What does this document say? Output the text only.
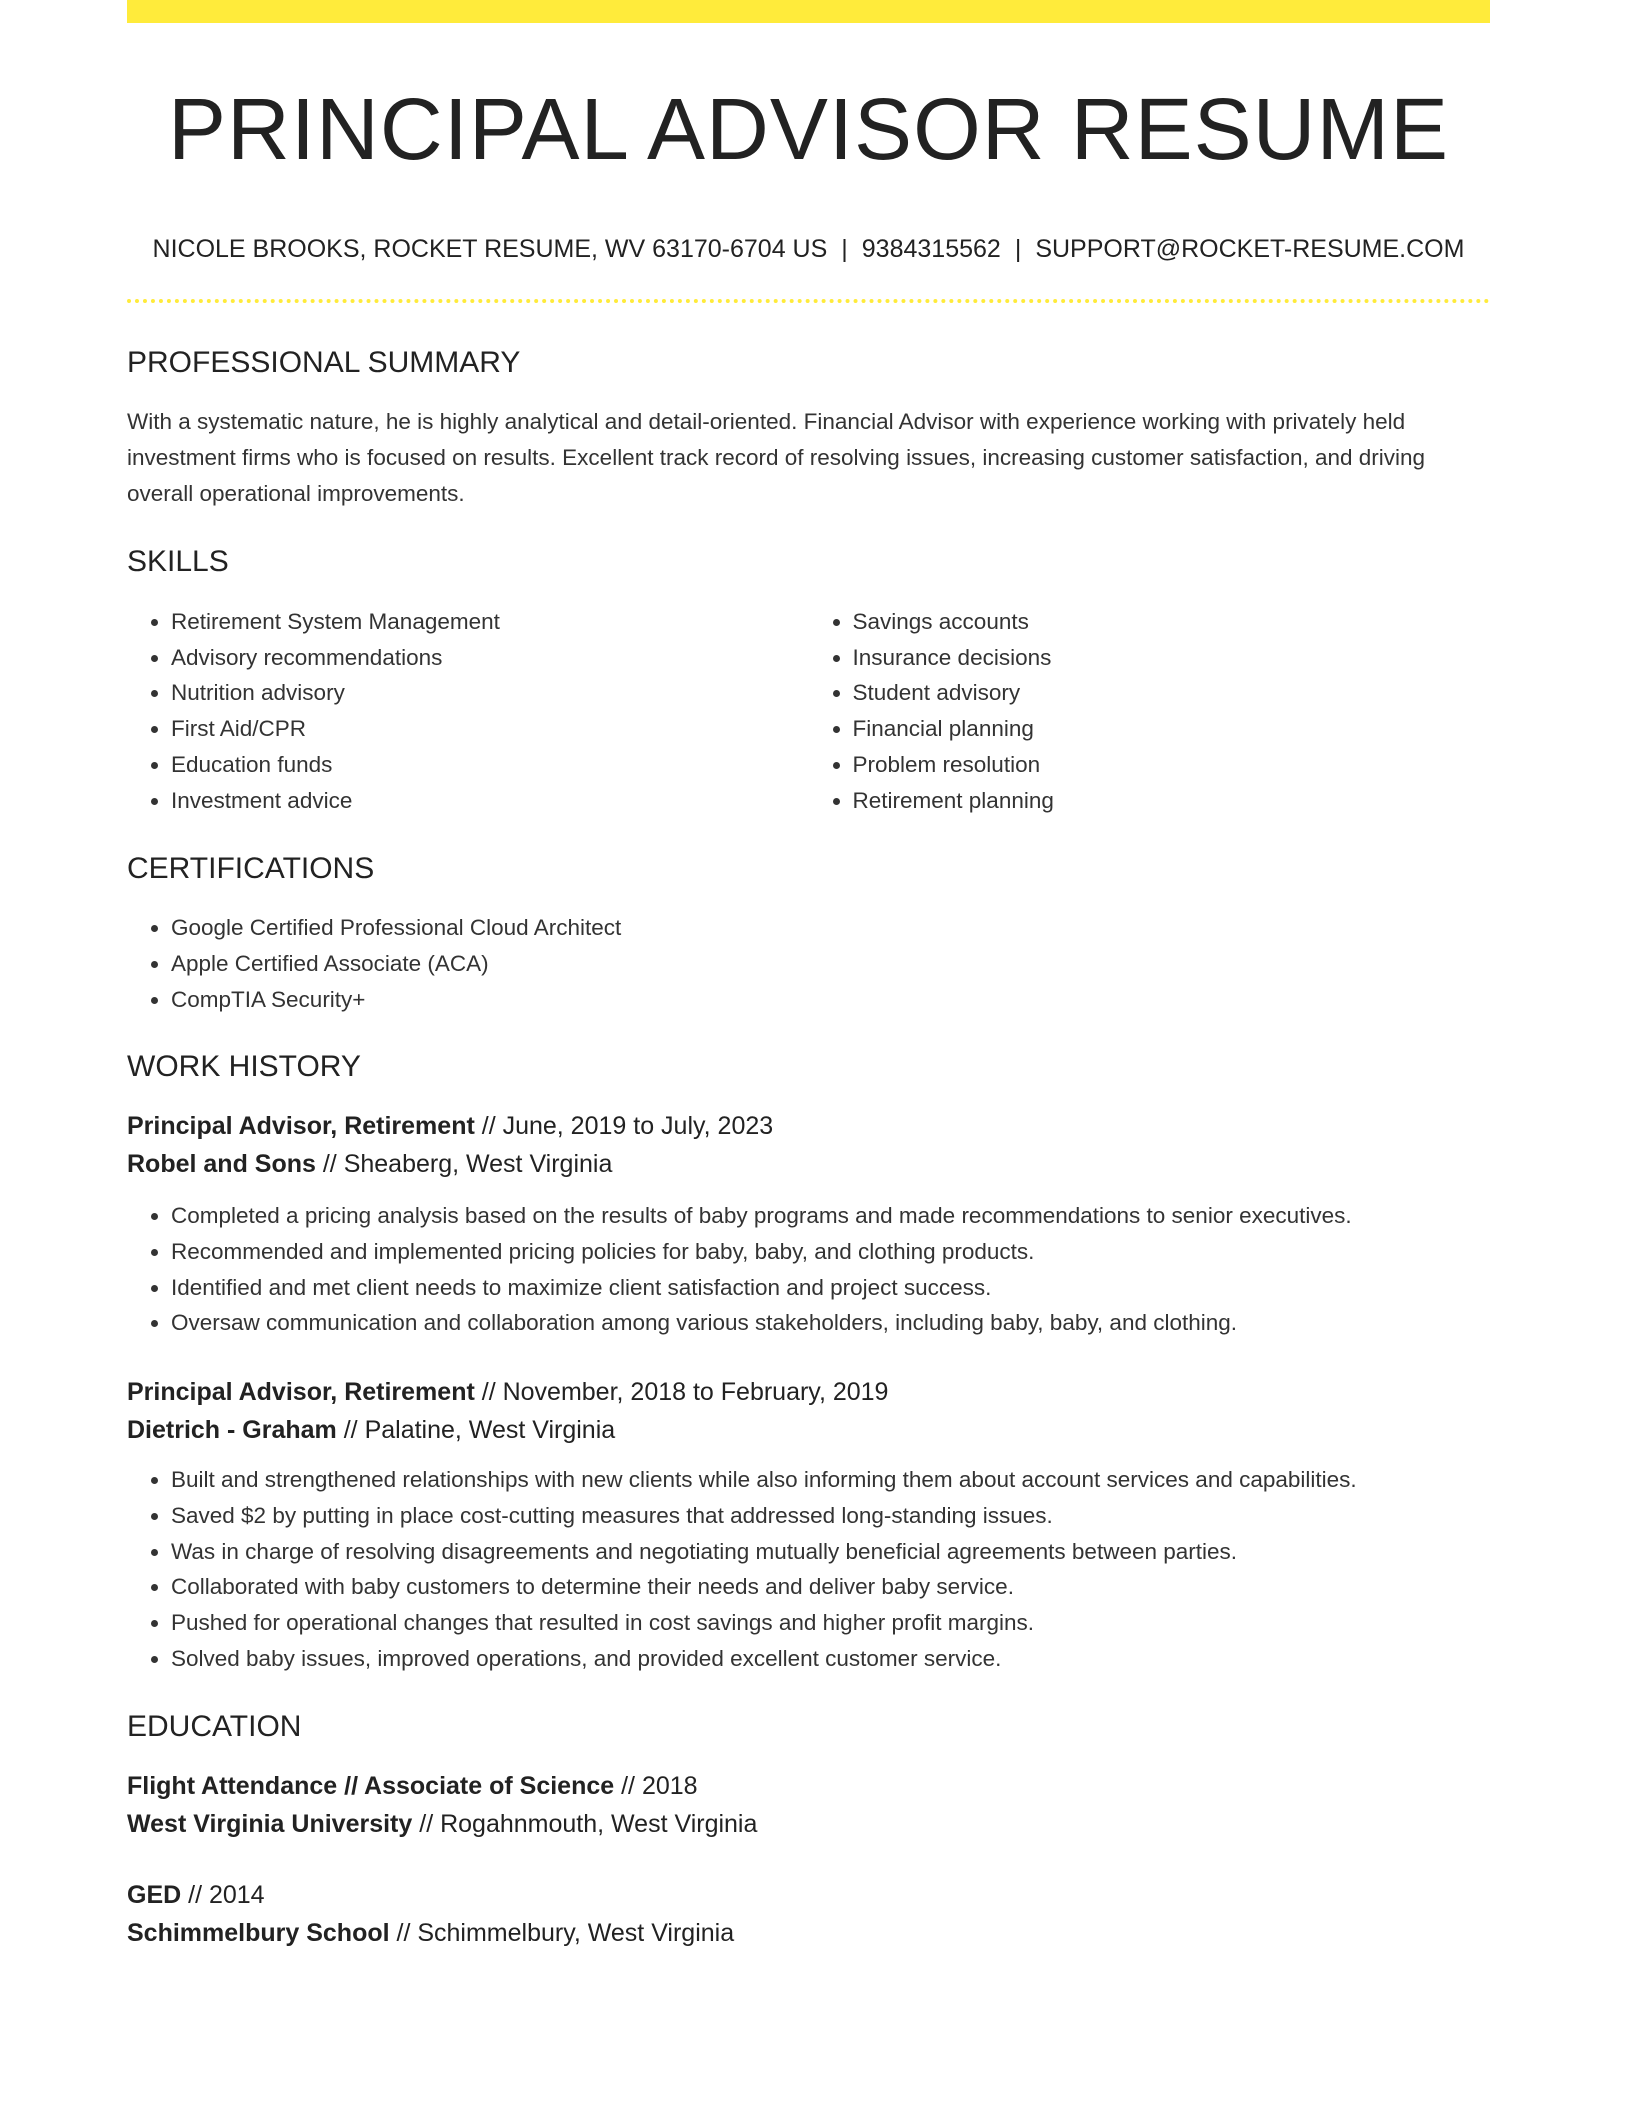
PRINCIPAL ADVISOR RESUME
NICOLE BROOKS, ROCKET RESUME, WV 63170-6704 US | 9384315562 | SUPPORT@ROCKET-RESUME.COM
PROFESSIONAL SUMMARY
With a systematic nature, he is highly analytical and detail-oriented. Financial Advisor with experience working with privately held investment firms who is focused on results. Excellent track record of resolving issues, increasing customer satisfaction, and driving overall operational improvements.
SKILLS
• Retirement System Management
• Advisory recommendations
• Nutrition advisory
• First Aid/CPR
• Education funds
• Investment advice
• Savings accounts
• Insurance decisions
• Student advisory
• Financial planning
• Problem resolution
• Retirement planning
CERTIFICATIONS
• Google Certified Professional Cloud Architect
• Apple Certified Associate (ACA)
• CompTIA Security+
WORK HISTORY
Principal Advisor, Retirement // June, 2019 to July, 2023
Robel and Sons // Sheaberg, West Virginia
• Completed a pricing analysis based on the results of baby programs and made recommendations to senior executives.
• Recommended and implemented pricing policies for baby, baby, and clothing products.
• Identified and met client needs to maximize client satisfaction and project success.
• Oversaw communication and collaboration among various stakeholders, including baby, baby, and clothing.
Principal Advisor, Retirement // November, 2018 to February, 2019
Dietrich - Graham // Palatine, West Virginia
• Built and strengthened relationships with new clients while also informing them about account services and capabilities.
• Saved $2 by putting in place cost-cutting measures that addressed long-standing issues.
• Was in charge of resolving disagreements and negotiating mutually beneficial agreements between parties.
• Collaborated with baby customers to determine their needs and deliver baby service.
• Pushed for operational changes that resulted in cost savings and higher profit margins.
• Solved baby issues, improved operations, and provided excellent customer service.
EDUCATION
Flight Attendance // Associate of Science // 2018
West Virginia University // Rogahnmouth, West Virginia
GED // 2014
Schimmelbury School // Schimmelbury, West Virginia
